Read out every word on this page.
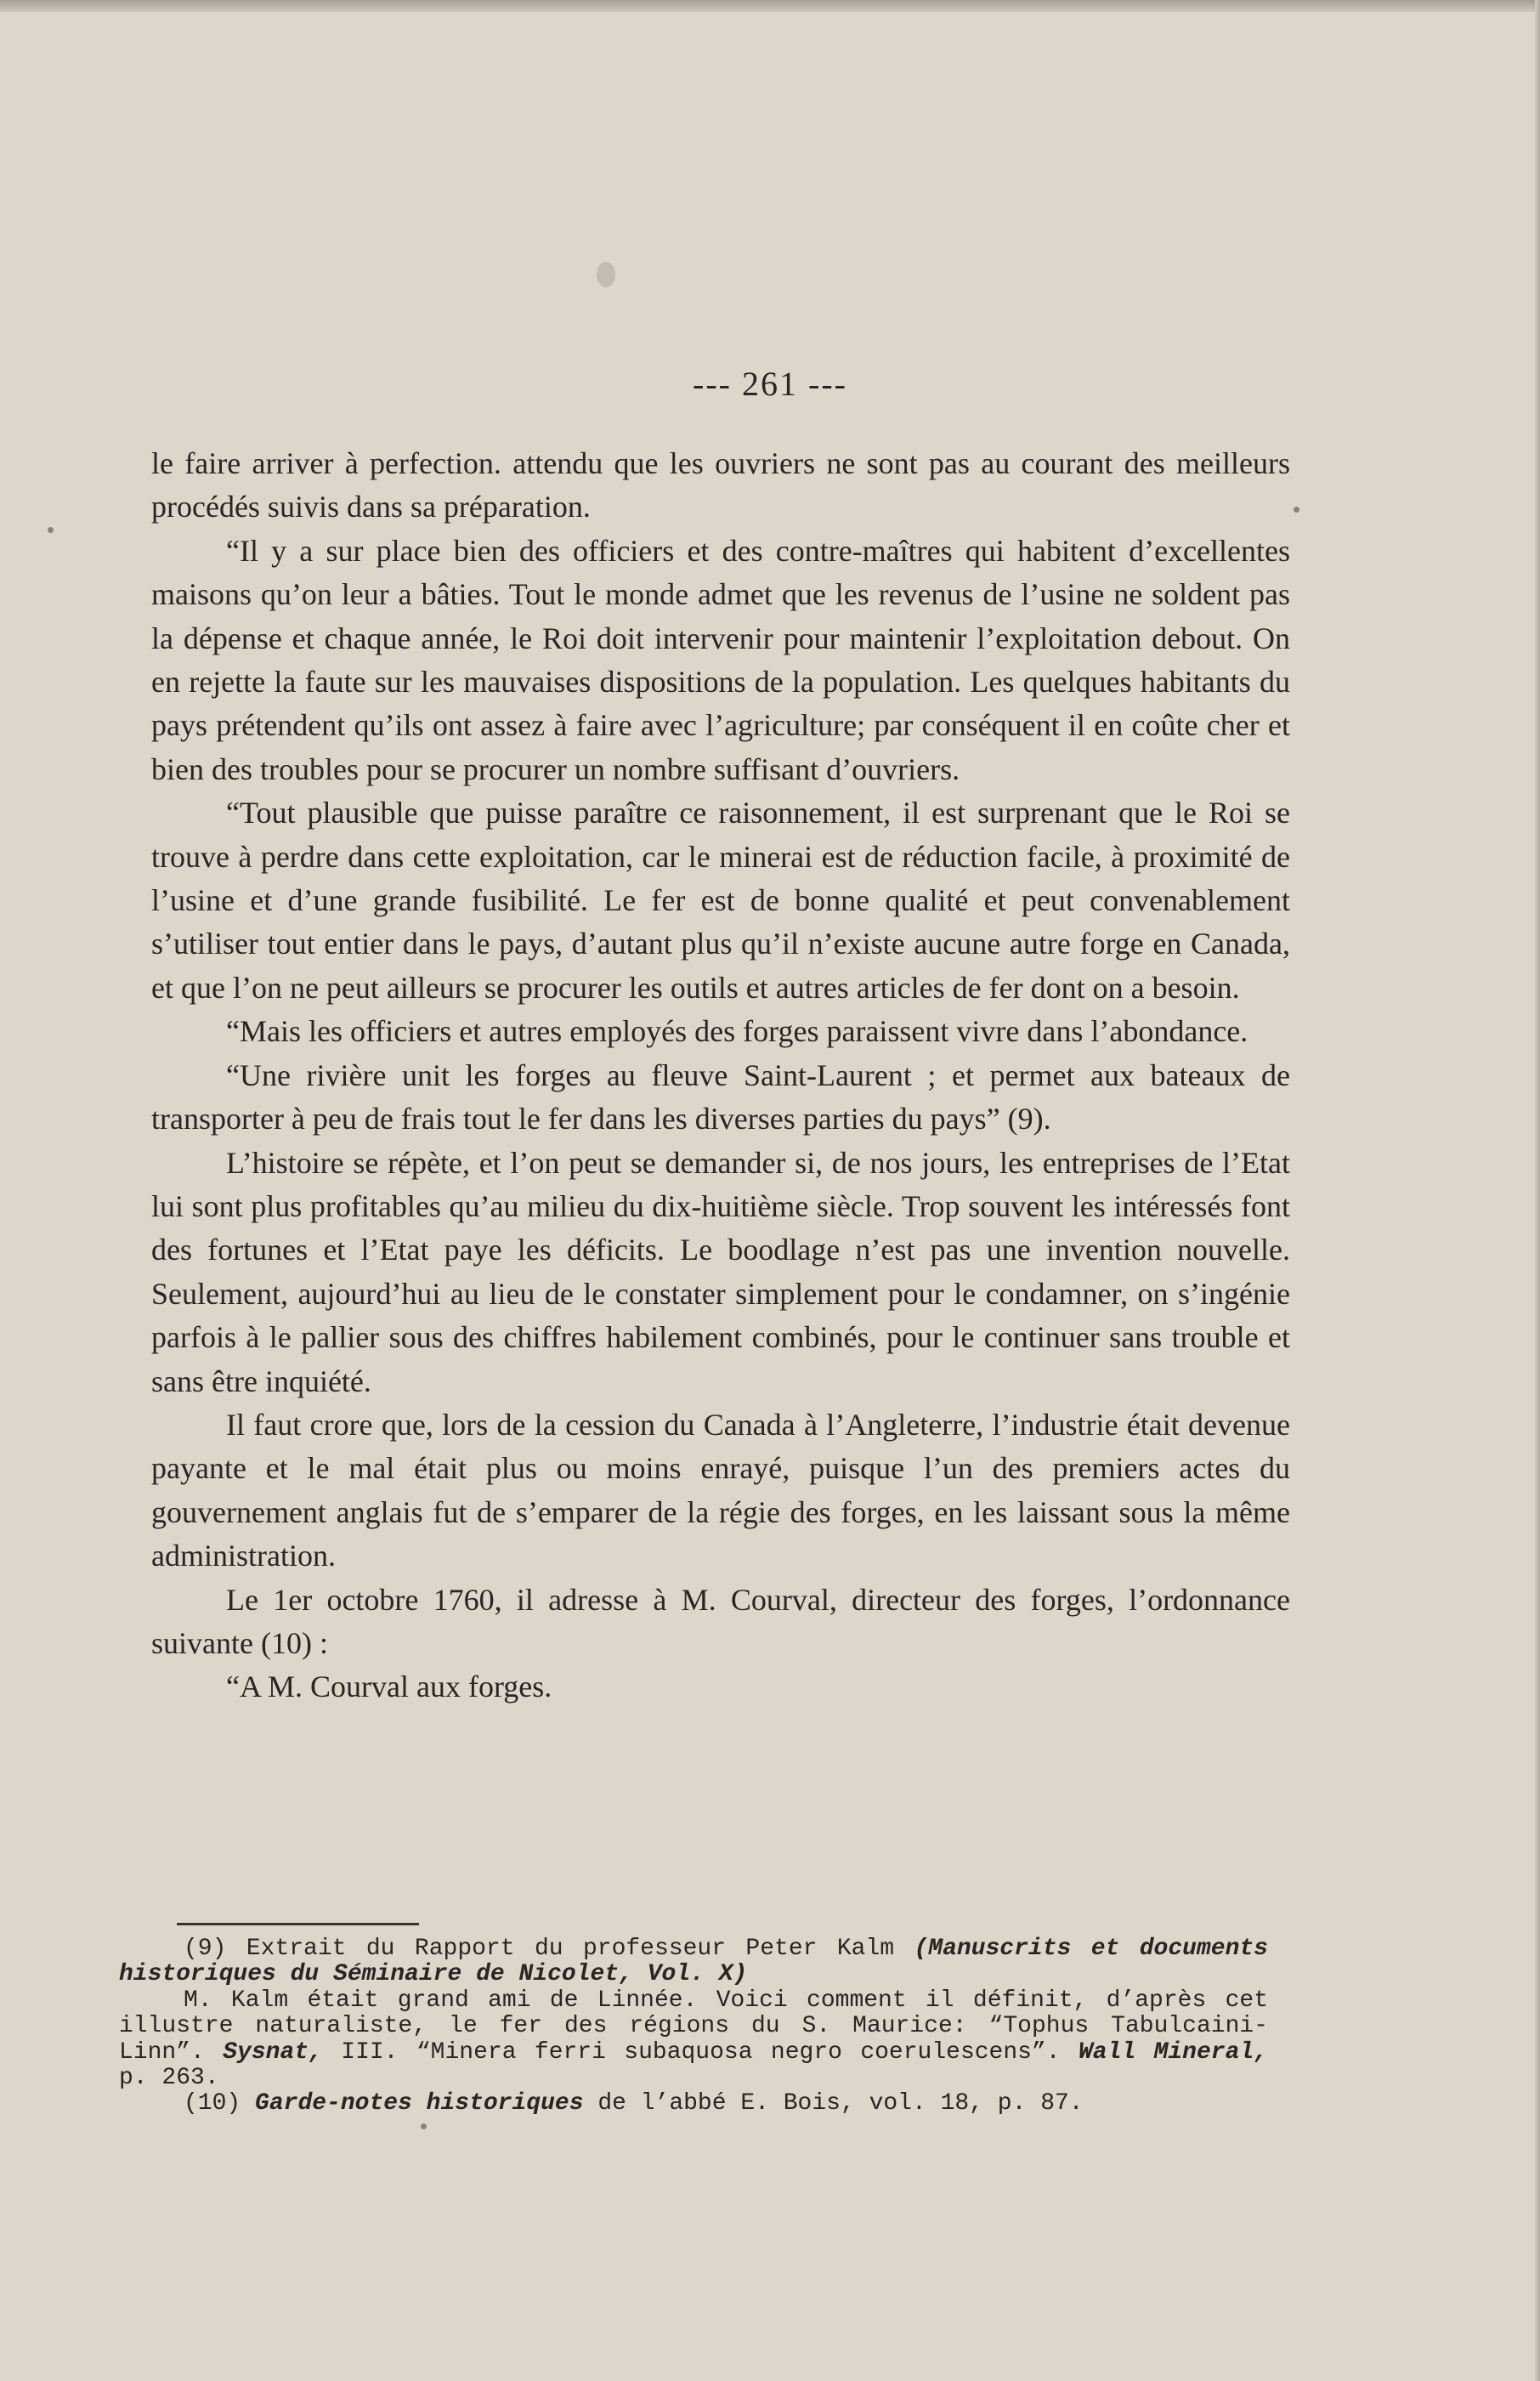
--- 261 ---

le faire arriver à perfection. attendu que les ouvriers ne sont pas au courant des meilleurs procédés suivis dans sa préparation.

“Il y a sur place bien des officiers et des contre-maîtres qui habitent d’excellentes maisons qu’on leur a bâties. Tout le monde admet que les revenus de l’usine ne soldent pas la dépense et chaque année, le Roi doit intervenir pour maintenir l’exploitation debout. On en rejette la faute sur les mauvaises dispositions de la population. Les quelques habitants du pays prétendent qu’ils ont assez à faire avec l’agriculture; par conséquent il en coûte cher et bien des troubles pour se procurer un nombre suffisant d’ouvriers.

“Tout plausible que puisse paraître ce raisonnement, il est surprenant que le Roi se trouve à perdre dans cette exploitation, car le minerai est de réduction facile, à proximité de l’usine et d’une grande fusibilité. Le fer est de bonne qualité et peut convenablement s’utiliser tout entier dans le pays, d’autant plus qu’il n’existe aucune autre forge en Canada, et que l’on ne peut ailleurs se procurer les outils et autres articles de fer dont on a besoin.

“Mais les officiers et autres employés des forges paraissent vivre dans l’abondance.

“Une rivière unit les forges au fleuve Saint-Laurent ; et permet aux bateaux de transporter à peu de frais tout le fer dans les diverses parties du pays” (9).

L’histoire se répète, et l’on peut se demander si, de nos jours, les entreprises de l’Etat lui sont plus profitables qu’au milieu du dix-huitième siècle. Trop souvent les intéressés font des fortunes et l’Etat paye les déficits. Le boodlage n’est pas une invention nouvelle. Seulement, aujourd’hui au lieu de le constater simplement pour le condamner, on s’ingénie parfois à le pallier sous des chiffres habilement combinés, pour le continuer sans trouble et sans être inquiété.

Il faut crore que, lors de la cession du Canada à l’Angleterre, l’industrie était devenue payante et le mal était plus ou moins enrayé, puisque l’un des premiers actes du gouvernement anglais fut de s’emparer de la régie des forges, en les laissant sous la même administration.

Le 1er octobre 1760, il adresse à M. Courval, directeur des forges, l’ordonnance suivante (10) :

“A M. Courval aux forges.

(9) Extrait du Rapport du professeur Peter Kalm (Manuscrits et documents historiques du Séminaire de Nicolet, Vol. X)

M. Kalm était grand ami de Linnée. Voici comment il définit, d’après cet illustre naturaliste, le fer des régions du S. Maurice: “Tophus Tabulcaini-Linn”. Sysnat, III. “Minera ferri subaquosa negro coerulescens”. Wall Mineral, p. 263.

(10) Garde-notes historiques de l’abbé E. Bois, vol. 18, p. 87.
